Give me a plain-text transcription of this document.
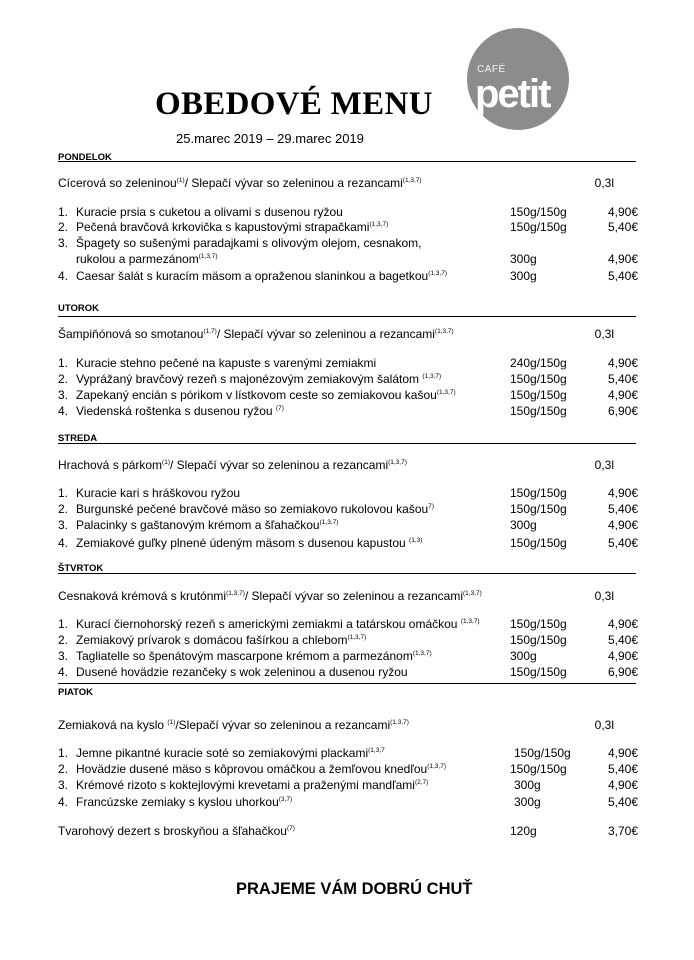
CAFÉ
petit
OBEDOVÉ MENU
25.marec 2019 – 29.marec 2019
PONDELOK
Cícerová so zeleninou$^{(1)}$/ Slepačí vývar so zeleninou a rezancami$^{(1,3,7)}$	0,3l
1. Kuracie prsia s cuketou a olivami s dusenou ryžou	150g/150g	4,90€
2. Pečená bravčová krkovička s kapustovými strapačkami$^{(1,3,7)}$	150g/150g	5,40€
3. Špagety so sušenými paradajkami s olivovým olejom, cesnakom,
rukolou a parmezánom$^{(1,3,7)}$	300g	4,90€
4. Caesar šalát s kuracím mäsom a opraženou slaninkou a bagetkou$^{(1,3,7)}$	300g	5,40€
UTOROK
Šampiňónová so smotanou$^{(1,7)}$/ Slepačí vývar so zeleninou a rezancami$^{(1,3,7)}$	0,3l
1. Kuracie stehno pečené na kapuste s varenými zemiakmi	240g/150g	4,90€
2. Vyprážaný bravčový rezeň s majonézovým zemiakovým šalátom $^{(1,3,7)}$	150g/150g	5,40€
3. Zapekaný encián s pórikom v lístkovom ceste so zemiakovou kašou$^{(1,3,7)}$	150g/150g	4,90€
4. Viedenská roštenka s dusenou ryžou $^{(7)}$	150g/150g	6,90€
STREDA
Hrachová s párkom$^{(1)}$/ Slepačí vývar so zeleninou a rezancami$^{(1,3,7)}$	0,3l
1. Kuracie kari s hráškovou ryžou	150g/150g	4,90€
2. Burgunské pečené bravčové mäso so zemiakovo rukolovou kašou$^{7)}$	150g/150g	5,40€
3. Palacinky s gaštanovým krémom a šľahačkou$^{(1,3,7)}$	300g	4,90€
4. Zemiakové guľky plnené údeným mäsom s dusenou kapustou $^{(1,3)}$	150g/150g	5,40€
ŠTVRTOK
Cesnaková krémová s krutónmi$^{(1,3,7)}$/ Slepačí vývar so zeleninou a rezancami$^{(1,3,7)}$	0,3l
1. Kurací čiernohorský rezeň s americkými zemiakmi a tatárskou omáčkou $^{(1,3,7)}$	150g/150g	4,90€
2. Zemiakový prívarok s domácou fašírkou a chlebom$^{(1,3,7)}$	150g/150g	5,40€
3. Tagliatelle so špenátovým mascarpone krémom a parmezánom$^{(1,3,7)}$	300g	4,90€
4. Dusené hovädzie rezančeky s wok zeleninou a dusenou ryžou	150g/150g	6,90€
PIATOK
Zemiaková na kyslo $^{(1)}$/Slepačí vývar so zeleninou a rezancami$^{(1,3,7)}$	0,3l
1. Jemne pikantné kuracie soté so zemiakovými plackami$^{(1,3,7}$	150g/150g	4,90€
2. Hovädzie dusené mäso s kôprovou omáčkou a žemľovou knedľou$^{(1,3,7)}$	150g/150g	5,40€
3. Krémové rizoto s koktejlovými krevetami a praženými mandľami$^{(2,7)}$	300g	4,90€
4. Francúzske zemiaky s kyslou uhorkou$^{(3,7)}$	300g	5,40€
Tvarohový dezert s broskyňou a šľahačkou$^{(7)}$	120g	3,70€
PRAJEME VÁM DOBRÚ CHUŤ
